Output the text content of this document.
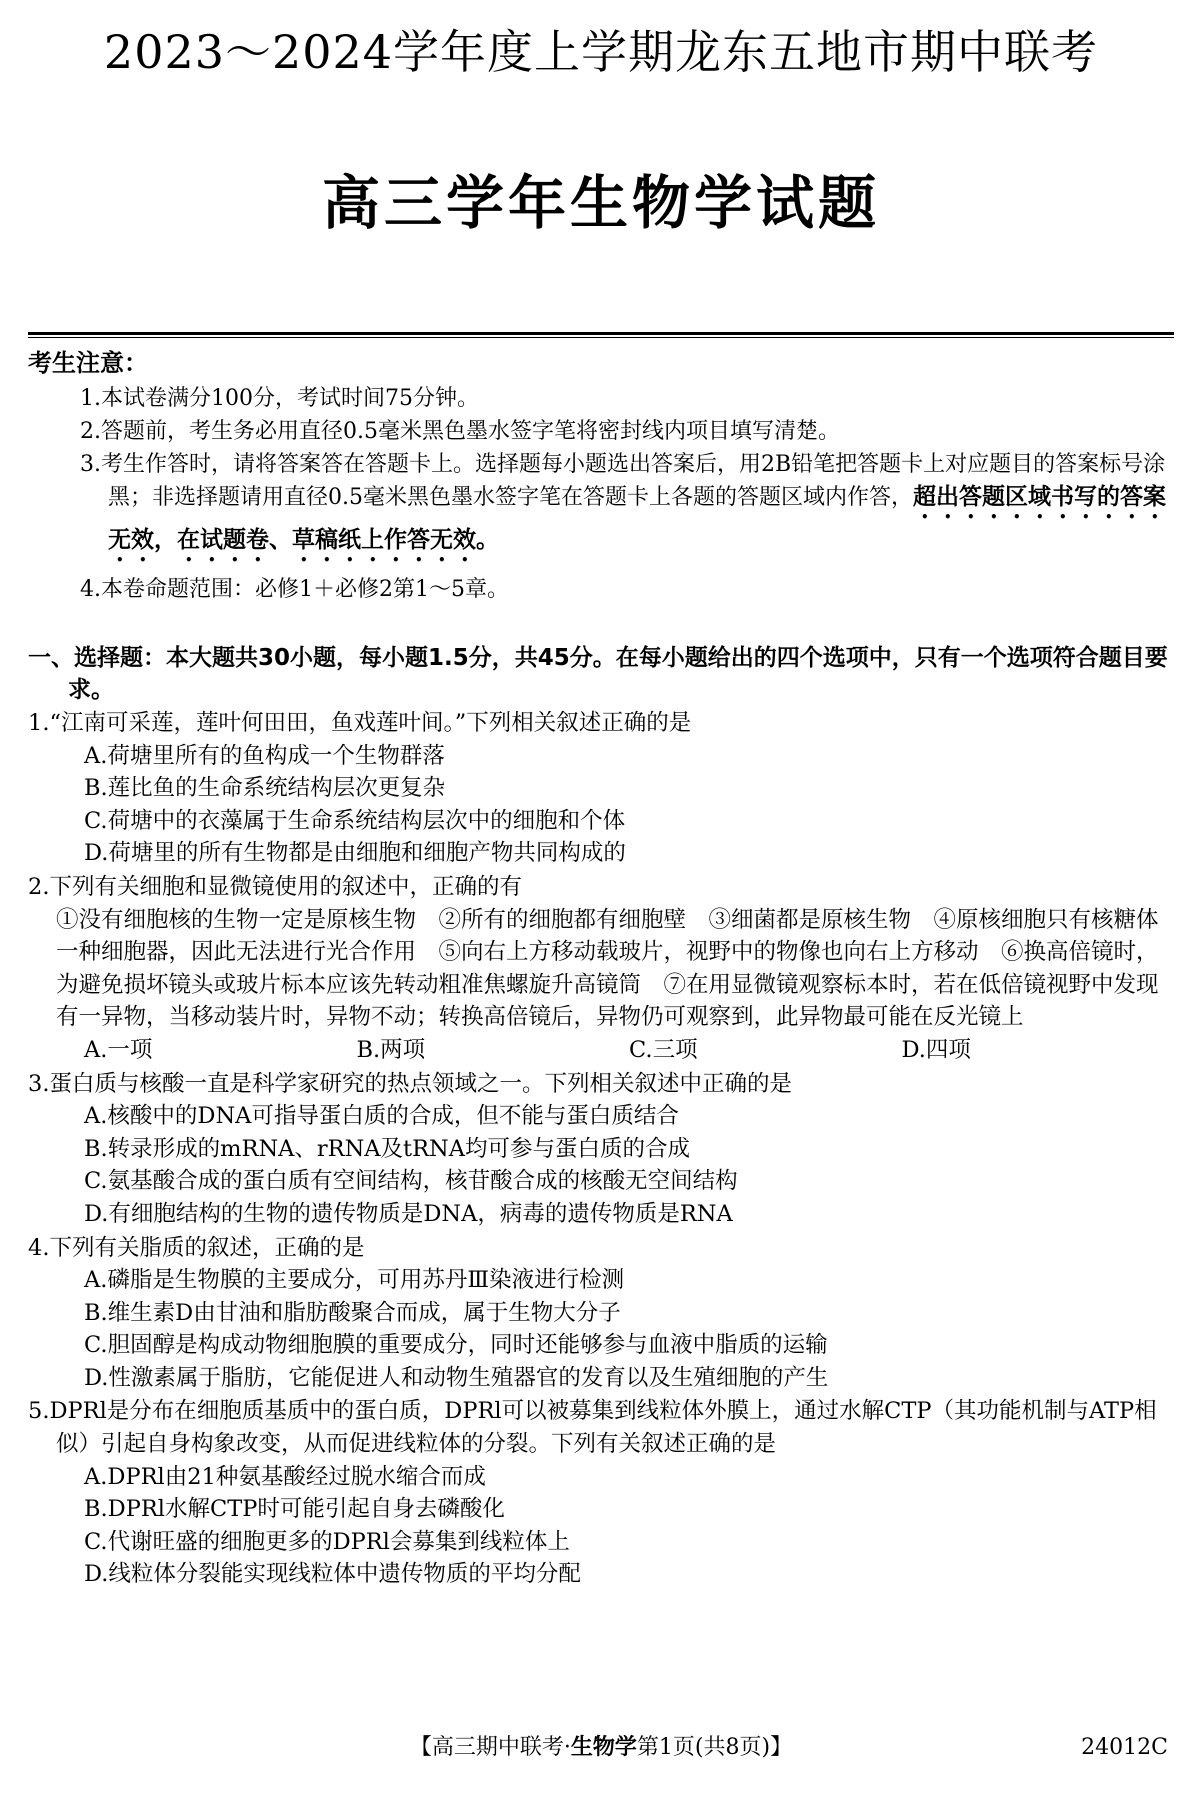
2023～2024学年度上学期龙东五地市期中联考
高三学年生物学试题
考生注意：
1.本试卷满分100分，考试时间75分钟。
2.答题前，考生务必用直径0.5毫米黑色墨水签字笔将密封线内项目填写清楚。
3.考生作答时，请将答案答在答题卡上。选择题每小题选出答案后，用2B铅笔把答题卡上对应题目的答案标号涂黑；非选择题请用直径0.5毫米黑色墨水签字笔在答题卡上各题的答题区域内作答，超出答题区域书写的答案无效，在试题卷、草稿纸上作答无效。
4.本卷命题范围：必修1＋必修2第1～5章。
一、选择题：本大题共30小题，每小题1.5分，共45分。在每小题给出的四个选项中，只有一个选项符合题目要求。
1.“江南可采莲，莲叶何田田，鱼戏莲叶间。”下列相关叙述正确的是
A.荷塘里所有的鱼构成一个生物群落
B.莲比鱼的生命系统结构层次更复杂
C.荷塘中的衣藻属于生命系统结构层次中的细胞和个体
D.荷塘里的所有生物都是由细胞和细胞产物共同构成的
2.下列有关细胞和显微镜使用的叙述中，正确的有
①没有细胞核的生物一定是原核生物　②所有的细胞都有细胞壁　③细菌都是原核生物　④原核细胞只有核糖体一种细胞器，因此无法进行光合作用　⑤向右上方移动载玻片，视野中的物像也向右上方移动　⑥换高倍镜时，为避免损坏镜头或玻片标本应该先转动粗准焦螺旋升高镜筒　⑦在用显微镜观察标本时，若在低倍镜视野中发现有一异物，当移动装片时，异物不动；转换高倍镜后，异物仍可观察到，此异物最可能在反光镜上
A.一项	B.两项	C.三项	D.四项
3.蛋白质与核酸一直是科学家研究的热点领域之一。下列相关叙述中正确的是
A.核酸中的DNA可指导蛋白质的合成，但不能与蛋白质结合
B.转录形成的mRNA、rRNA及tRNA均可参与蛋白质的合成
C.氨基酸合成的蛋白质有空间结构，核苷酸合成的核酸无空间结构
D.有细胞结构的生物的遗传物质是DNA，病毒的遗传物质是RNA
4.下列有关脂质的叙述，正确的是
A.磷脂是生物膜的主要成分，可用苏丹Ⅲ染液进行检测
B.维生素D由甘油和脂肪酸聚合而成，属于生物大分子
C.胆固醇是构成动物细胞膜的重要成分，同时还能够参与血液中脂质的运输
D.性激素属于脂肪，它能促进人和动物生殖器官的发育以及生殖细胞的产生
5.DPRl是分布在细胞质基质中的蛋白质，DPRl可以被募集到线粒体外膜上，通过水解CTP（其功能机制与ATP相似）引起自身构象改变，从而促进线粒体的分裂。下列有关叙述正确的是
A.DPRl由21种氨基酸经过脱水缩合而成
B.DPRl水解CTP时可能引起自身去磷酸化
C.代谢旺盛的细胞更多的DPRl会募集到线粒体上
D.线粒体分裂能实现线粒体中遗传物质的平均分配
【高三期中联考·生物学第1页(共8页)】	24012C
